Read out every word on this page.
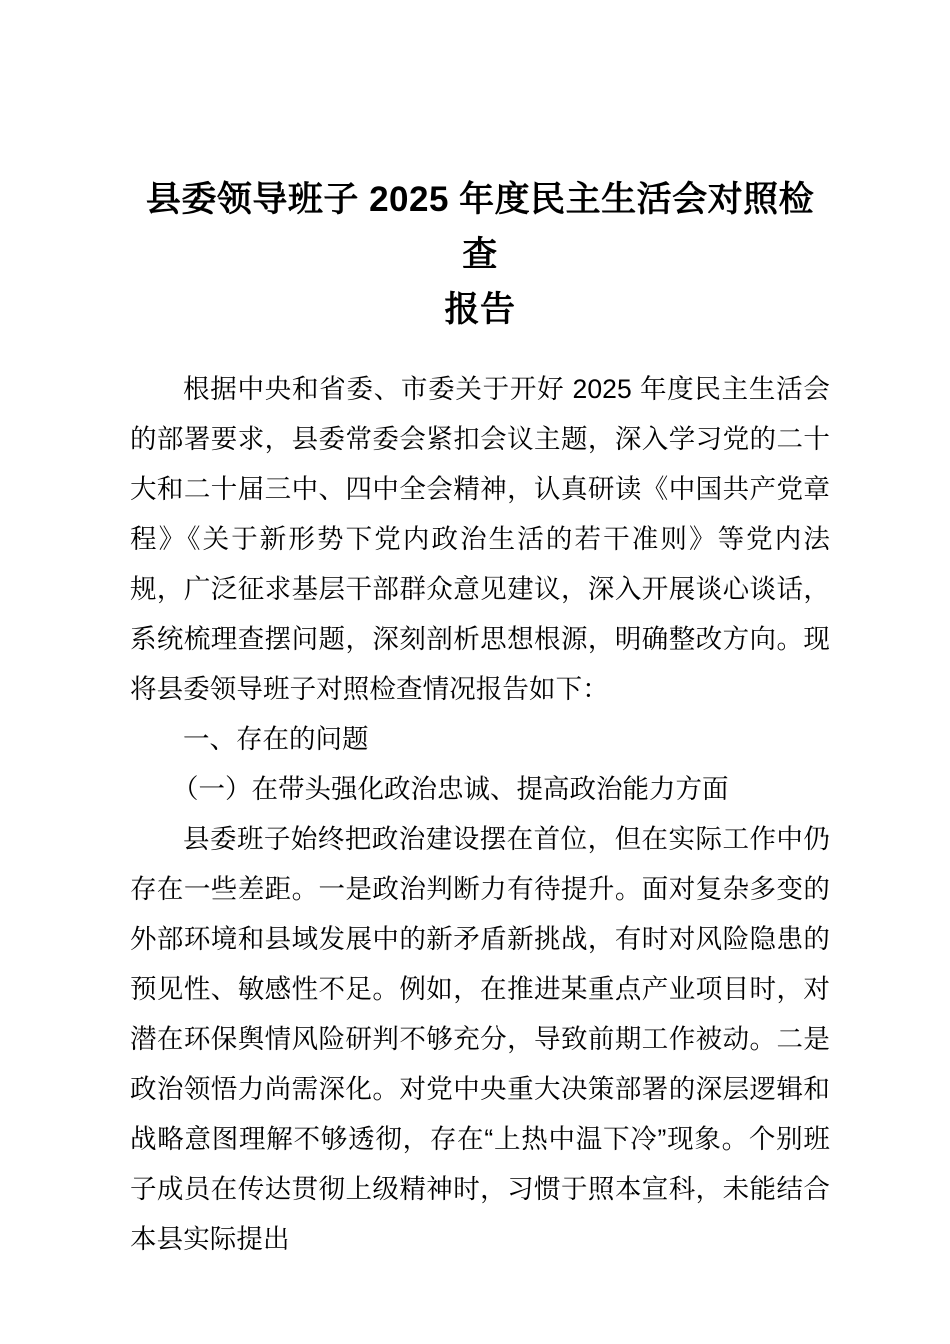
县委领导班子 2025 年度民主生活会对照检查
报告

根据中央和省委、市委关于开好 2025 年度民主生活会的部署要求，县委常委会紧扣会议主题，深入学习党的二十大和二十届三中、四中全会精神，认真研读《中国共产党章程》《关于新形势下党内政治生活的若干准则》等党内法规，广泛征求基层干部群众意见建议，深入开展谈心谈话，系统梳理查摆问题，深刻剖析思想根源，明确整改方向。现将县委领导班子对照检查情况报告如下：

一、存在的问题

（一）在带头强化政治忠诚、提高政治能力方面

县委班子始终把政治建设摆在首位，但在实际工作中仍存在一些差距。一是政治判断力有待提升。面对复杂多变的外部环境和县域发展中的新矛盾新挑战，有时对风险隐患的预见性、敏感性不足。例如，在推进某重点产业项目时，对潜在环保舆情风险研判不够充分，导致前期工作被动。二是政治领悟力尚需深化。对党中央重大决策部署的深层逻辑和战略意图理解不够透彻，存在“上热中温下冷”现象。个别班子成员在传达贯彻上级精神时，习惯于照本宣科，未能结合本县实际提出
